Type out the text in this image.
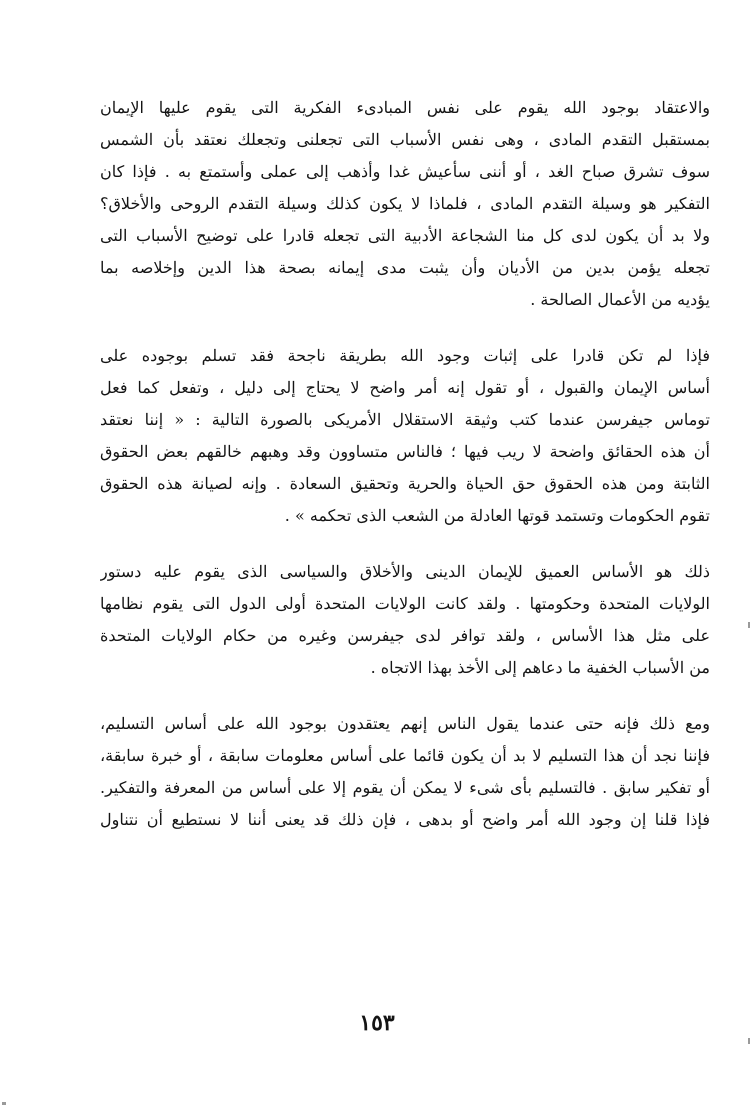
والاعتقاد بوجود الله يقوم على نفس المبادىء الفكرية التى يقوم عليها الإيمان
بمستقبل التقدم المادى ، وهى نفس الأسباب التى تجعلنى وتجعلك نعتقد بأن الشمس
سوف تشرق صباح الغد ، أو أننى سأعيش غدا وأذهب إلى عملى وأستمتع به . فإذا كان
التفكير هو وسيلة التقدم المادى ، فلماذا لا يكون كذلك وسيلة التقدم الروحى والأخلاق؟
ولا بد أن يكون لدى كل منا الشجاعة الأدبية التى تجعله قادرا على توضيح الأسباب التى
تجعله يؤمن بدين من الأديان وأن يثبت مدى إيمانه بصحة هذا الدين وإخلاصه بما
يؤديه من الأعمال الصالحة .
فإذا لم تكن قادرا على إثبات وجود الله بطريقة ناجحة فقد تسلم بوجوده على
أساس الإيمان والقبول ، أو تقول إنه أمر واضح لا يحتاج إلى دليل ، وتفعل كما فعل
توماس جيفرسن عندما كتب وثيقة الاستقلال الأمريكى بالصورة التالية : « إننا نعتقد
أن هذه الحقائق واضحة لا ريب فيها ؛ فالناس متساوون وقد وهبهم خالقهم بعض الحقوق
الثابتة ومن هذه الحقوق حق الحياة والحرية وتحقيق السعادة . وإنه لصيانة هذه الحقوق
تقوم الحكومات وتستمد قوتها العادلة من الشعب الذى تحكمه » .
ذلك هو الأساس العميق للإيمان الدينى والأخلاق والسياسى الذى يقوم عليه دستور
الولايات المتحدة وحكومتها . ولقد كانت الولايات المتحدة أولى الدول التى يقوم نظامها
على مثل هذا الأساس ، ولقد توافر لدى جيفرسن وغيره من حكام الولايات المتحدة
من الأسباب الخفية ما دعاهم إلى الأخذ بهذا الاتجاه .
ومع ذلك فإنه حتى عندما يقول الناس إنهم يعتقدون بوجود الله على أساس التسليم،
فإننا نجد أن هذا التسليم لا بد أن يكون قائما على أساس معلومات سابقة ، أو خبرة سابقة،
أو تفكير سابق . فالتسليم بأى شىء لا يمكن أن يقوم إلا على أساس من المعرفة والتفكير.
فإذا قلنا إن وجود الله أمر واضح أو بدهى ، فإن ذلك قد يعنى أننا لا نستطيع أن نتناول
١٥٣
